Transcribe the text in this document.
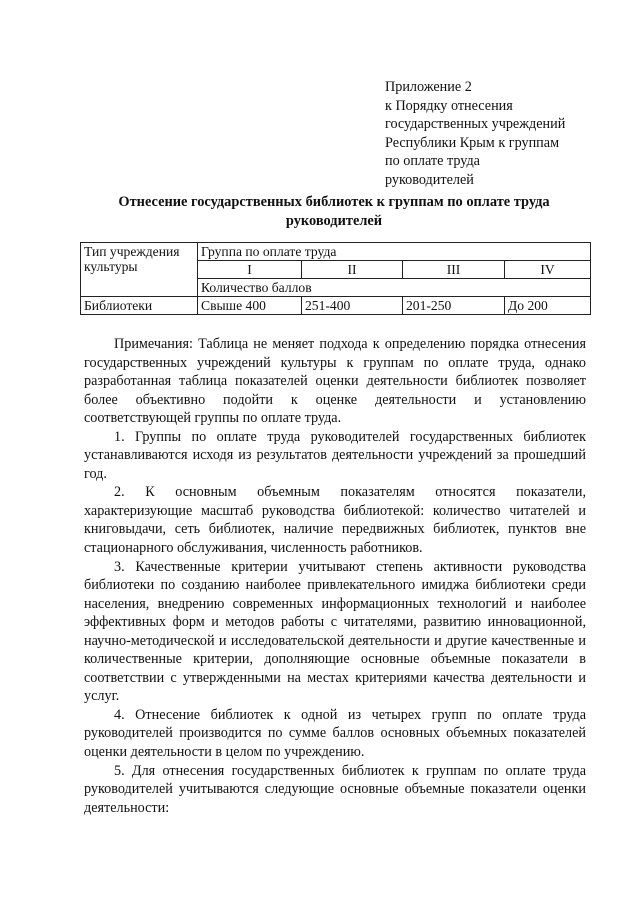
Приложение 2
к Порядку отнесения
государственных учреждений
Республики Крым к группам
по оплате труда
руководителей
Отнесение государственных библиотек к группам по оплате труда
руководителей
Тип учреждения культуры	Группа по оплате труда			
	I	II	III	IV
	Количество баллов			
Библиотеки	Свыше 400	251-400	201-250	До 200

Примечания: Таблица не меняет подхода к определению порядка отнесения государственных учреждений культуры к группам по оплате труда, однако разработанная таблица показателей оценки деятельности библиотек позволяет более объективно подойти к оценке деятельности и установлению соответствующей группы по оплате труда.

1. Группы по оплате труда руководителей государственных библиотек устанавливаются исходя из результатов деятельности учреждений за прошедший год.

2. К основным объемным показателям относятся показатели, характеризующие масштаб руководства библиотекой: количество читателей и книговыдачи, сеть библиотек, наличие передвижных библиотек, пунктов вне стационарного обслуживания, численность работников.

3. Качественные критерии учитывают степень активности руководства библиотеки по созданию наиболее привлекательного имиджа библиотеки среди населения, внедрению современных информационных технологий и наиболее эффективных форм и методов работы с читателями, развитию инновационной, научно-методической и исследовательской деятельности и другие качественные и количественные критерии, дополняющие основные объемные показатели в соответствии с утвержденными на местах критериями качества деятельности и услуг.

4. Отнесение библиотек к одной из четырех групп по оплате труда руководителей производится по сумме баллов основных объемных показателей оценки деятельности в целом по учреждению.

5. Для отнесения государственных библиотек к группам по оплате труда руководителей учитываются следующие основные объемные показатели оценки деятельности:
